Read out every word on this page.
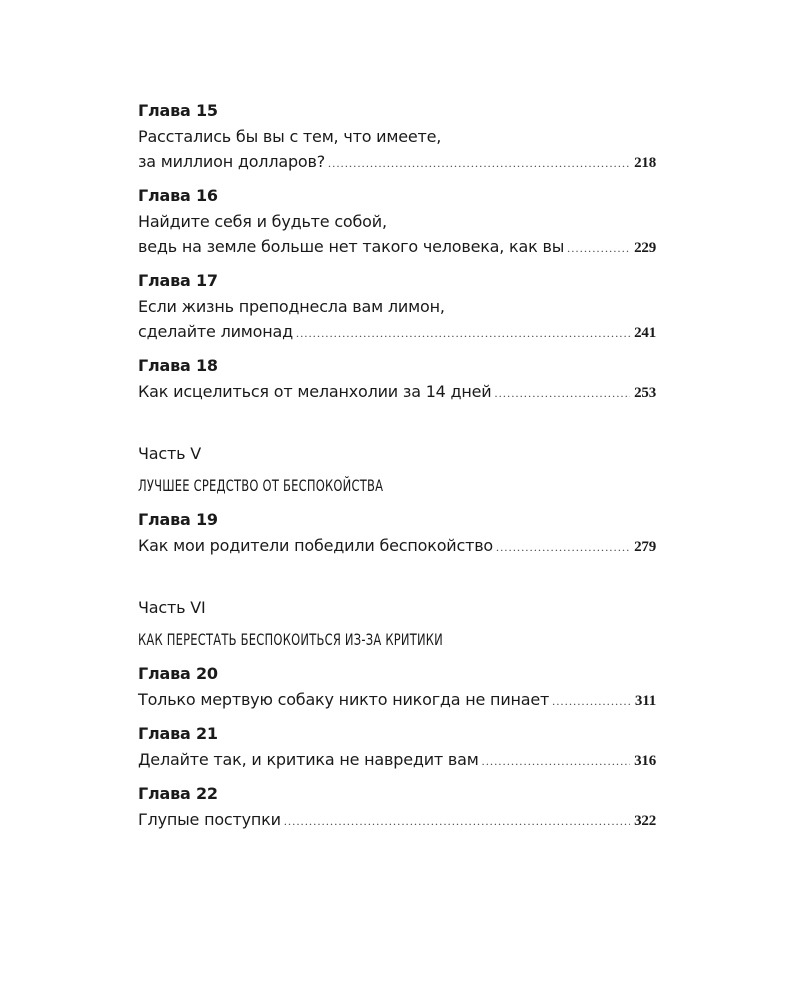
Глава 15
Расстались бы вы с тем, что имеете,
за миллион долларов? .....	218
Глава 16
Найдите себя и будьте собой,
ведь на земле больше нет такого человека, как вы .....	229
Глава 17
Если жизнь преподнесла вам лимон,
сделайте лимонад .....	241
Глава 18
Как исцелиться от меланхолии за 14 дней .....	253
Часть V
ЛУЧШЕЕ СРЕДСТВО ОТ БЕСПОКОЙСТВА
Глава 19
Как мои родители победили беспокойство .....	279
Часть VI
КАК ПЕРЕСТАТЬ БЕСПОКОИТЬСЯ ИЗ-ЗА КРИТИКИ
Глава 20
Только мертвую собаку никто никогда не пинает .....	311
Глава 21
Делайте так, и критика не навредит вам .....	316
Глава 22
Глупые поступки .....	322
